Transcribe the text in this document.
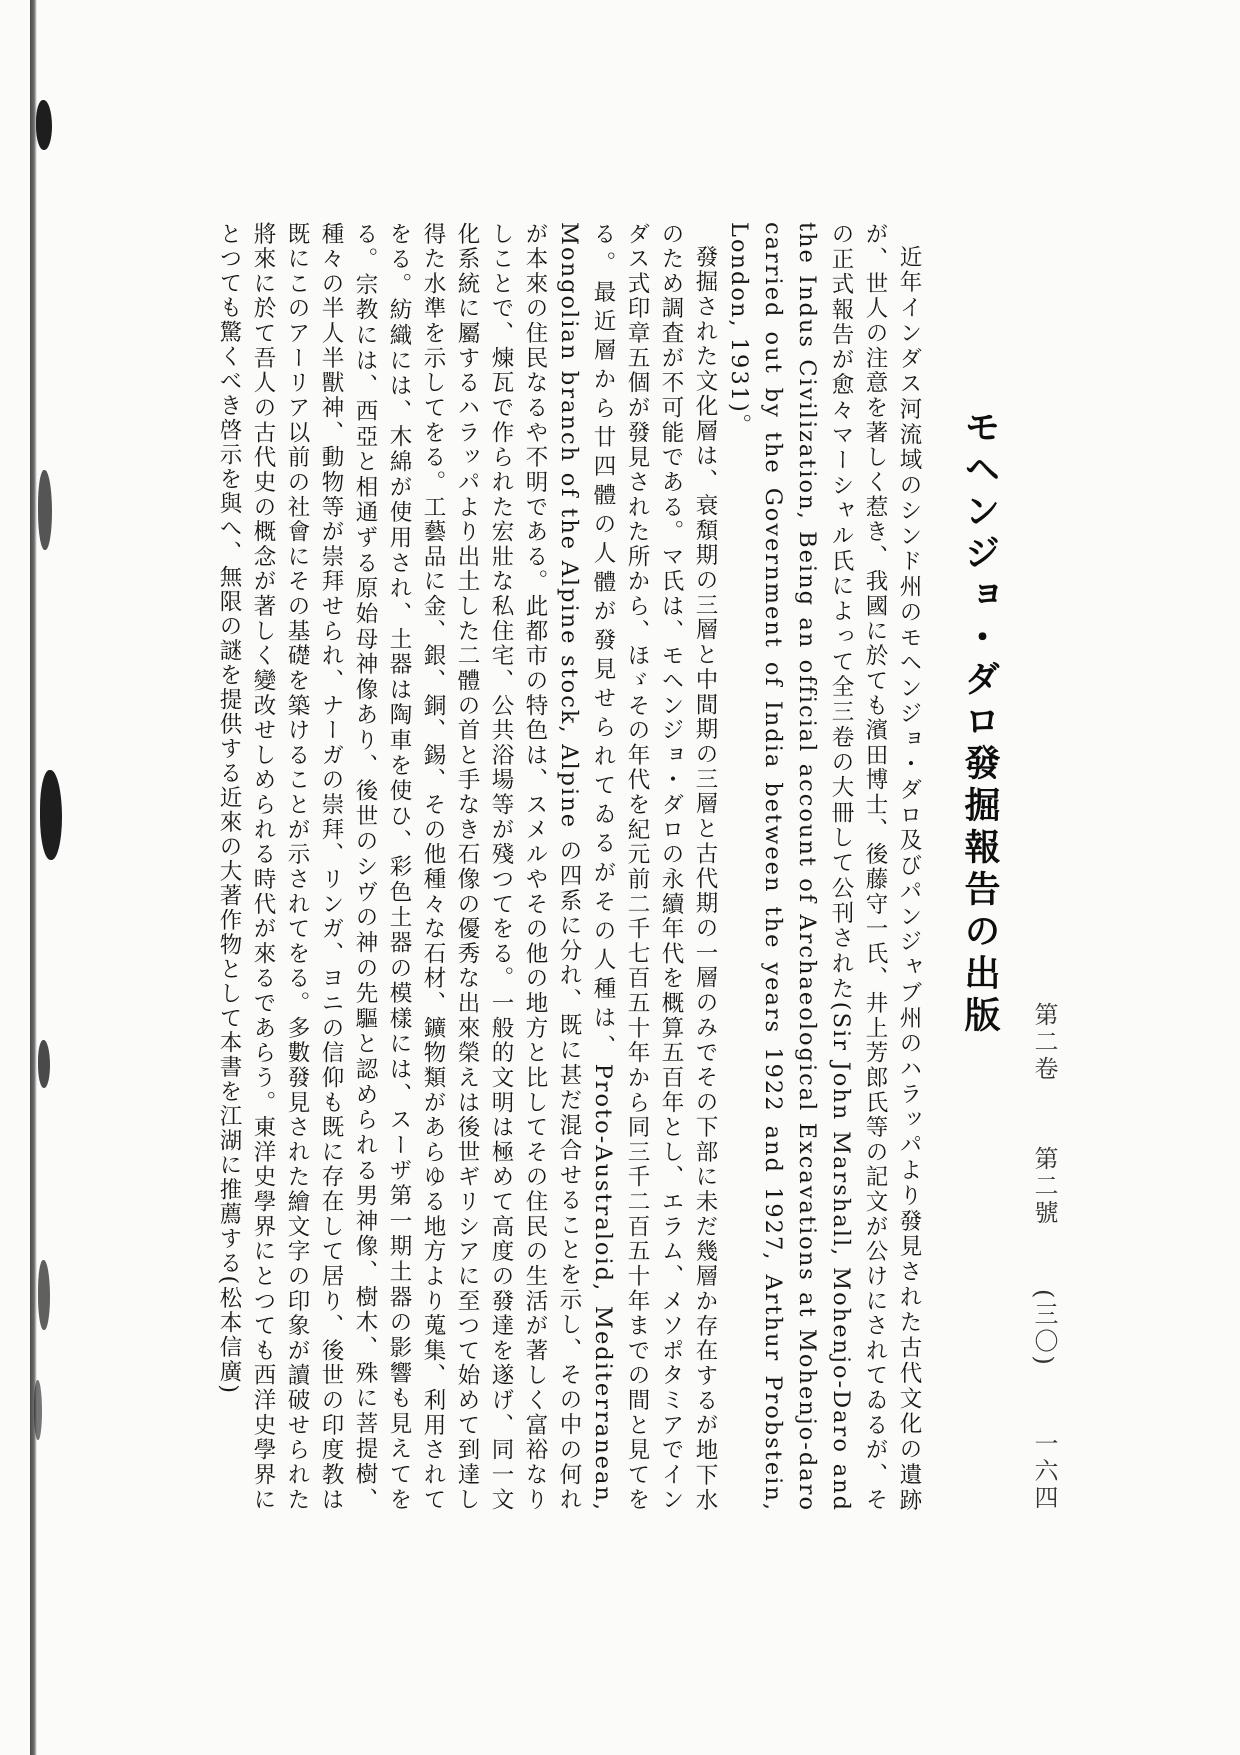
第二卷 第二號 (三〇) 一六四
モヘンジョ・ダロ發掘報告の出版

近年インダス河流域のシンド州のモヘンジョ・ダロ及びパンジャブ州のハラッパより發見された古代文化の遺跡が、世人の注意を著しく惹き、我國に於ても濱田博士、後藤守一氏、井上芳郎氏等の記文が公けにされてゐるが、その正式報告が愈々マーシャル氏によって全三卷の大冊して公刊された(Sir John Marshall, Mohenjo-Daro and the Indus Civilization, Being an official account of Archaeological Excavations at Mohenjo-daro carried out by the Government of India between the years 1922 and 1927, Arthur Probstein, London, 1931)。

發掘された文化層は、衰頽期の三層と中間期の三層と古代期の一層のみでその下部に未だ幾層か存在するが地下水のため調査が不可能である。マ氏は、モヘンジョ・ダロの永續年代を概算五百年とし、エラム、メソポタミアでインダス式印章五個が發見された所から、ほゞその年代を紀元前二千七百五十年から同三千二百五十年までの間と見てをる。最近層から廿四體の人體が發見せられてゐるがその人種は、Proto-Australoid, Mediterranean, Mongolian branch of the Alpine stock, Alpine の四系に分れ、既に甚だ混合せることを示し、その中の何れが本來の住民なるや不明である。此都市の特色は、スメルやその他の地方と比してその住民の生活が著しく富裕なりしことで、煉瓦で作られた宏壯な私住宅、公共浴場等が殘つてをる。一般的文明は極めて高度の發達を遂げ、同一文化系統に屬するハラッパより出土した二體の首と手なき石像の優秀な出來榮えは後世ギリシアに至つて始めて到達し得た水準を示してをる。工藝品に金、銀、銅、錫、その他種々な石材、鑛物類があらゆる地方より蒐集、利用されてをる。紡織には、木綿が使用され、土器は陶車を使ひ、彩色土器の模樣には、スーザ第一期土器の影響も見えてをる。宗教には、西亞と相通ずる原始母神像あり、後世のシヴの神の先驅と認められる男神像、樹木、殊に菩提樹、種々の半人半獸神、動物等が崇拜せられ、ナーガの崇拜、リンガ、ヨニの信仰も既に存在して居り、後世の印度教は既にこのアーリア以前の社會にその基礎を築けることが示されてをる。多數發見された繪文字の印象が讀破せられた將來に於て吾人の古代史の概念が著しく變改せしめられる時代が來るであらう。東洋史學界にとつても西洋史學界にとつても驚くべき啓示を與へ、無限の謎を提供する近來の大著作物として本書を江湖に推薦する(松本信廣)
